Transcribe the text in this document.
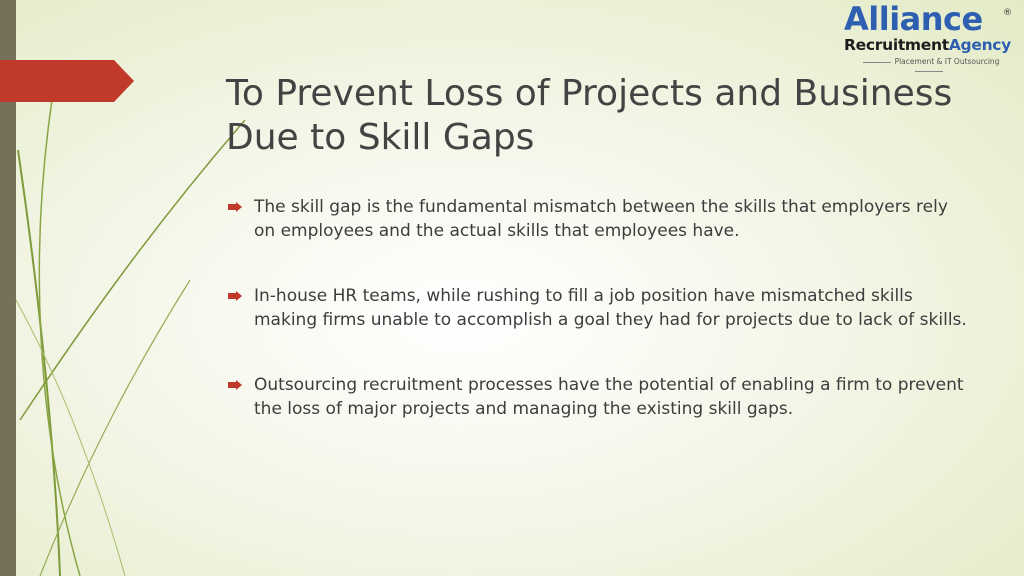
To Prevent Loss of Projects and Business
Due to Skill Gaps
The skill gap is the fundamental mismatch between the skills that employers rely on employees and the actual skills that employees have.
In-house HR teams, while rushing to fill a job position have mismatched skills making firms unable to accomplish a goal they had for projects due to lack of skills.
Outsourcing recruitment processes have the potential of enabling a firm to prevent the loss of major projects and managing the existing skill gaps.
Alliance ®
RecruitmentAgency
Placement & IT Outsourcing
